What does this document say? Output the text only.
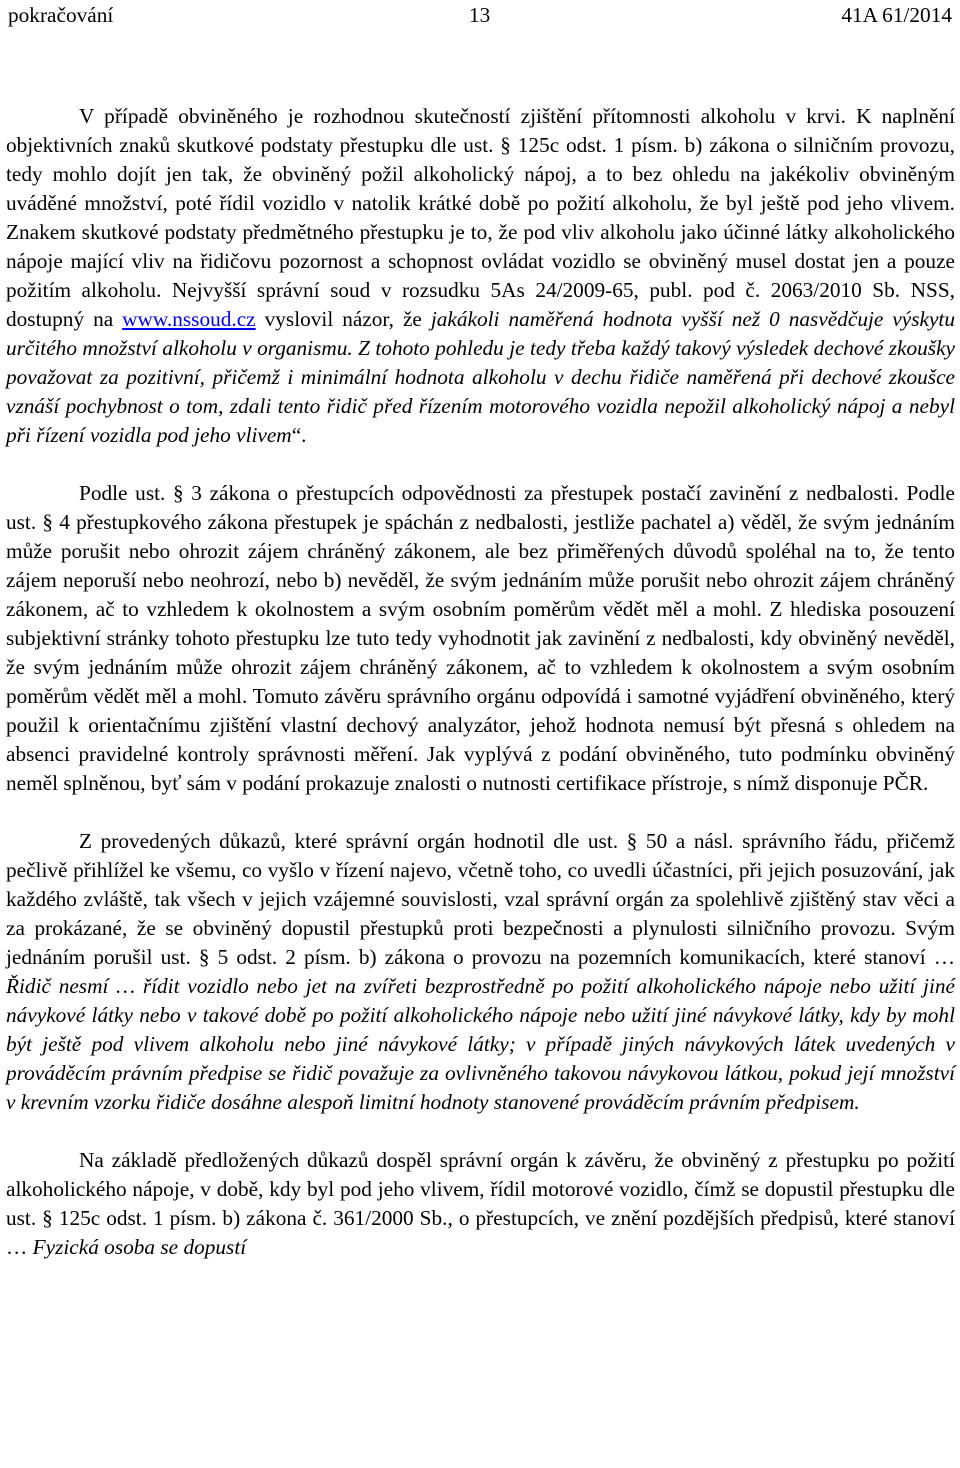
pokračování	13	41A 61/2014

V případě obviněného je rozhodnou skutečností zjištění přítomnosti alkoholu v krvi. K naplnění objektivních znaků skutkové podstaty přestupku dle ust. § 125c odst. 1 písm. b) zákona o silničním provozu, tedy mohlo dojít jen tak, že obviněný požil alkoholický nápoj, a to bez ohledu na jakékoliv obviněným uváděné množství, poté řídil vozidlo v natolik krátké době po požití alkoholu, že byl ještě pod jeho vlivem. Znakem skutkové podstaty předmětného přestupku je to, že pod vliv alkoholu jako účinné látky alkoholického nápoje mající vliv na řidičovu pozornost a schopnost ovládat vozidlo se obviněný musel dostat jen a pouze požitím alkoholu. Nejvyšší správní soud v rozsudku 5As 24/2009-65, publ. pod č. 2063/2010 Sb. NSS, dostupný na www.nssoud.cz vyslovil názor, že jakákoli naměřená hodnota vyšší než 0 nasvědčuje výskytu určitého množství alkoholu v organismu. Z tohoto pohledu je tedy třeba každý takový výsledek dechové zkoušky považovat za pozitivní, přičemž i minimální hodnota alkoholu v dechu řidiče naměřená při dechové zkoušce vznáší pochybnost o tom, zdali tento řidič před řízením motorového vozidla nepožil alkoholický nápoj a nebyl při řízení vozidla pod jeho vlivem“.

Podle ust. § 3 zákona o přestupcích odpovědnosti za přestupek postačí zavinění z nedbalosti. Podle ust. § 4 přestupkového zákona přestupek je spáchán z nedbalosti, jestliže pachatel a) věděl, že svým jednáním může porušit nebo ohrozit zájem chráněný zákonem, ale bez přiměřených důvodů spoléhal na to, že tento zájem neporuší nebo neohrozí, nebo b) nevěděl, že svým jednáním může porušit nebo ohrozit zájem chráněný zákonem, ač to vzhledem k okolnostem a svým osobním poměrům vědět měl a mohl. Z hlediska posouzení subjektivní stránky tohoto přestupku lze tuto tedy vyhodnotit jak zavinění z nedbalosti, kdy obviněný nevěděl, že svým jednáním může ohrozit zájem chráněný zákonem, ač to vzhledem k okolnostem a svým osobním poměrům vědět měl a mohl. Tomuto závěru správního orgánu odpovídá i samotné vyjádření obviněného, který použil k orientačnímu zjištění vlastní dechový analyzátor, jehož hodnota nemusí být přesná s ohledem na absenci pravidelné kontroly správnosti měření. Jak vyplývá z podání obviněného, tuto podmínku obviněný neměl splněnou, byť sám v podání prokazuje znalosti o nutnosti certifikace přístroje, s nímž disponuje PČR.

Z provedených důkazů, které správní orgán hodnotil dle ust. § 50 a násl. správního řádu, přičemž pečlivě přihlížel ke všemu, co vyšlo v řízení najevo, včetně toho, co uvedli účastníci, při jejich posuzování, jak každého zvláště, tak všech v jejich vzájemné souvislosti, vzal správní orgán za spolehlivě zjištěný stav věci a za prokázané, že se obviněný dopustil přestupků proti bezpečnosti a plynulosti silničního provozu. Svým jednáním porušil ust. § 5 odst. 2 písm. b) zákona o provozu na pozemních komunikacích, které stanoví … Řidič nesmí … řídit vozidlo nebo jet na zvířeti bezprostředně po požití alkoholického nápoje nebo užití jiné návykové látky nebo v takové době po požití alkoholického nápoje nebo užití jiné návykové látky, kdy by mohl být ještě pod vlivem alkoholu nebo jiné návykové látky; v případě jiných návykových látek uvedených v prováděcím právním předpise se řidič považuje za ovlivněného takovou návykovou látkou, pokud její množství v krevním vzorku řidiče dosáhne alespoň limitní hodnoty stanovené prováděcím právním předpisem.

Na základě předložených důkazů dospěl správní orgán k závěru, že obviněný z přestupku po požití alkoholického nápoje, v době, kdy byl pod jeho vlivem, řídil motorové vozidlo, čímž se dopustil přestupku dle ust. § 125c odst. 1 písm. b) zákona č. 361/2000 Sb., o přestupcích, ve znění pozdějších předpisů, které stanoví … Fyzická osoba se dopustí
